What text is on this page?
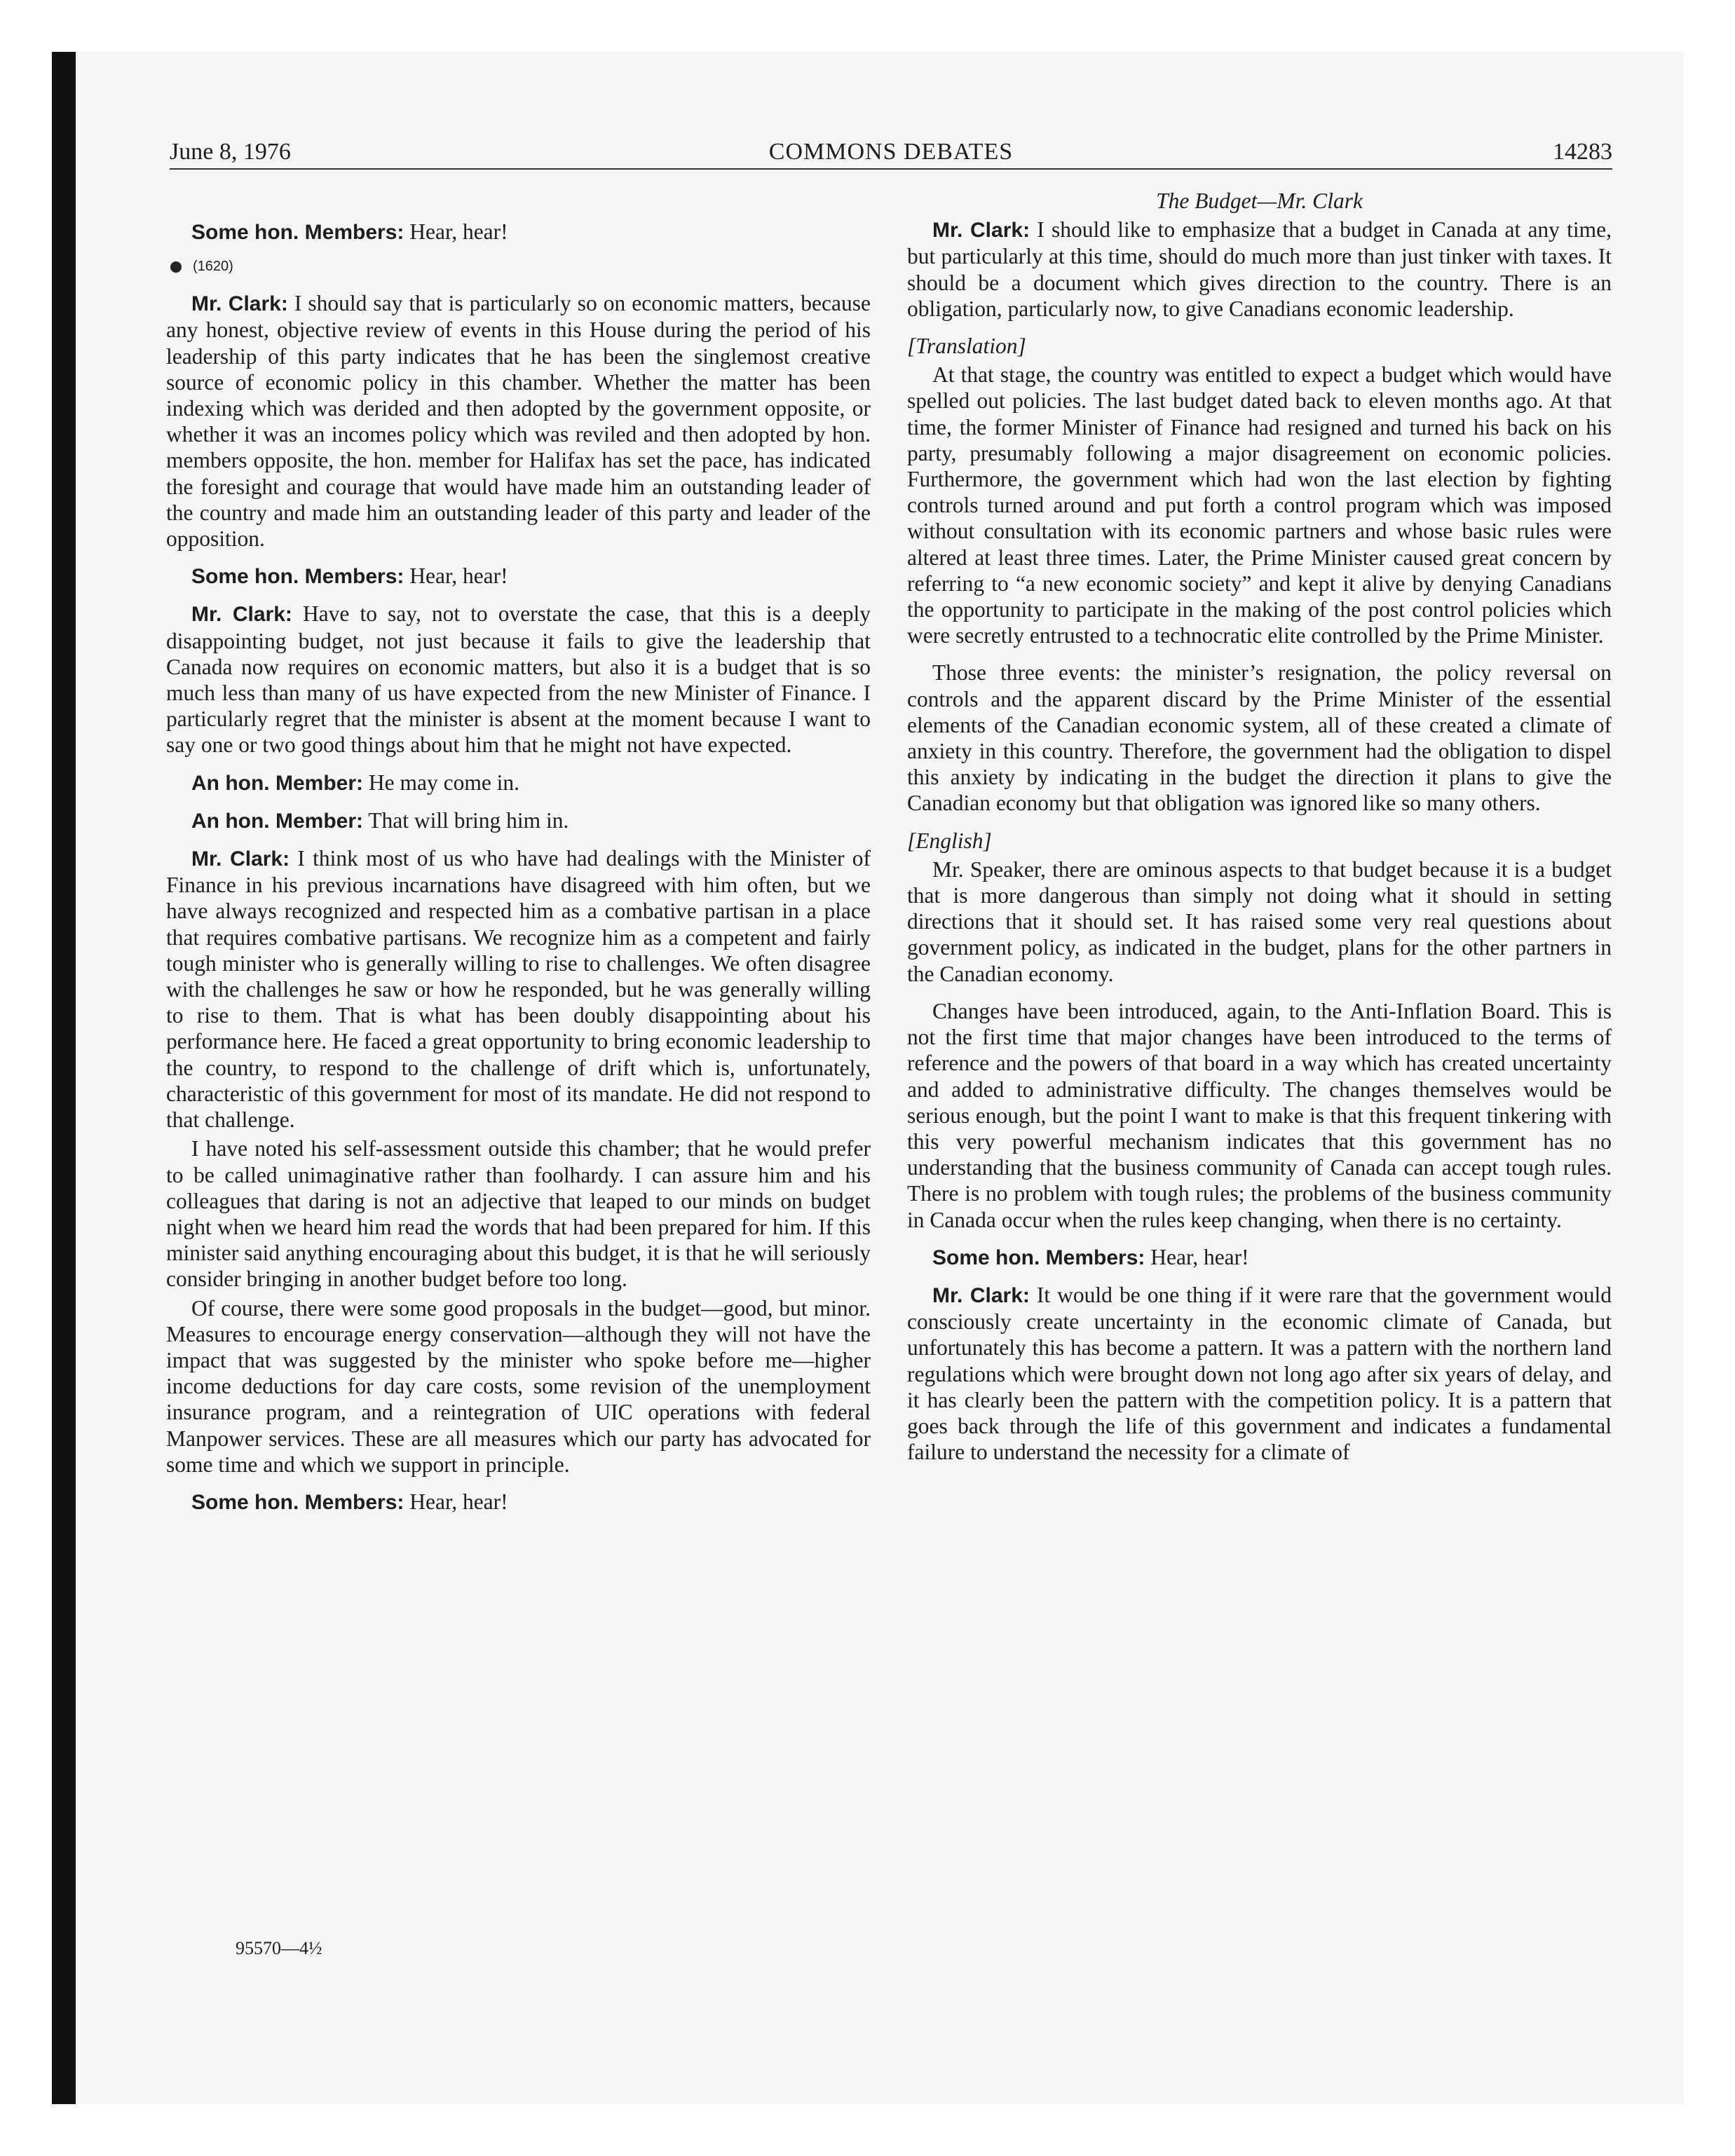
June 8, 1976	COMMONS DEBATES	14283

Some hon. Members: Hear, hear!

(1620)

Mr. Clark: I should say that is particularly so on economic matters, because any honest, objective review of events in this House during the period of his leadership of this party indicates that he has been the singlemost creative source of economic policy in this chamber. Whether the matter has been indexing which was derided and then adopted by the government opposite, or whether it was an incomes policy which was reviled and then adopted by hon. members opposite, the hon. member for Halifax has set the pace, has indicated the foresight and courage that would have made him an outstanding leader of the country and made him an outstanding leader of this party and leader of the opposition.

Some hon. Members: Hear, hear!

Mr. Clark: Have to say, not to overstate the case, that this is a deeply disappointing budget, not just because it fails to give the leadership that Canada now requires on economic matters, but also it is a budget that is so much less than many of us have expected from the new Minister of Finance. I particularly regret that the minister is absent at the moment because I want to say one or two good things about him that he might not have expected.

An hon. Member: He may come in.

An hon. Member: That will bring him in.

Mr. Clark: I think most of us who have had dealings with the Minister of Finance in his previous incarnations have disagreed with him often, but we have always recognized and respected him as a combative partisan in a place that requires combative partisans. We recognize him as a competent and fairly tough minister who is generally willing to rise to challenges. We often disagree with the challenges he saw or how he responded, but he was generally willing to rise to them. That is what has been doubly disappointing about his performance here. He faced a great opportunity to bring economic leadership to the country, to respond to the challenge of drift which is, unfortunately, characteristic of this government for most of its mandate. He did not respond to that challenge.

I have noted his self-assessment outside this chamber; that he would prefer to be called unimaginative rather than foolhardy. I can assure him and his colleagues that daring is not an adjective that leaped to our minds on budget night when we heard him read the words that had been prepared for him. If this minister said anything encouraging about this budget, it is that he will seriously consider bringing in another budget before too long.

Of course, there were some good proposals in the budget—good, but minor. Measures to encourage energy conservation—although they will not have the impact that was suggested by the minister who spoke before me—higher income deductions for day care costs, some revision of the unemployment insurance program, and a reintegration of UIC operations with federal Manpower services. These are all measures which our party has advocated for some time and which we support in principle.

Some hon. Members: Hear, hear!

The Budget—Mr. Clark

Mr. Clark: I should like to emphasize that a budget in Canada at any time, but particularly at this time, should do much more than just tinker with taxes. It should be a document which gives direction to the country. There is an obligation, particularly now, to give Canadians economic leadership.

[Translation]

At that stage, the country was entitled to expect a budget which would have spelled out policies. The last budget dated back to eleven months ago. At that time, the former Minister of Finance had resigned and turned his back on his party, presumably following a major disagreement on economic policies. Furthermore, the government which had won the last election by fighting controls turned around and put forth a control program which was imposed without consultation with its economic partners and whose basic rules were altered at least three times. Later, the Prime Minister caused great concern by referring to “a new economic society” and kept it alive by denying Canadians the opportunity to participate in the making of the post control policies which were secretly entrusted to a technocratic elite controlled by the Prime Minister.

Those three events: the minister’s resignation, the policy reversal on controls and the apparent discard by the Prime Minister of the essential elements of the Canadian economic system, all of these created a climate of anxiety in this country. Therefore, the government had the obligation to dispel this anxiety by indicating in the budget the direction it plans to give the Canadian economy but that obligation was ignored like so many others.

[English]

Mr. Speaker, there are ominous aspects to that budget because it is a budget that is more dangerous than simply not doing what it should in setting directions that it should set. It has raised some very real questions about government policy, as indicated in the budget, plans for the other partners in the Canadian economy.

Changes have been introduced, again, to the Anti-Inflation Board. This is not the first time that major changes have been introduced to the terms of reference and the powers of that board in a way which has created uncertainty and added to administrative difficulty. The changes themselves would be serious enough, but the point I want to make is that this frequent tinkering with this very powerful mechanism indicates that this government has no understanding that the business community of Canada can accept tough rules. There is no problem with tough rules; the problems of the business community in Canada occur when the rules keep changing, when there is no certainty.

Some hon. Members: Hear, hear!

Mr. Clark: It would be one thing if it were rare that the government would consciously create uncertainty in the economic climate of Canada, but unfortunately this has become a pattern. It was a pattern with the northern land regulations which were brought down not long ago after six years of delay, and it has clearly been the pattern with the competition policy. It is a pattern that goes back through the life of this government and indicates a fundamental failure to understand the necessity for a climate of

95570—4½
